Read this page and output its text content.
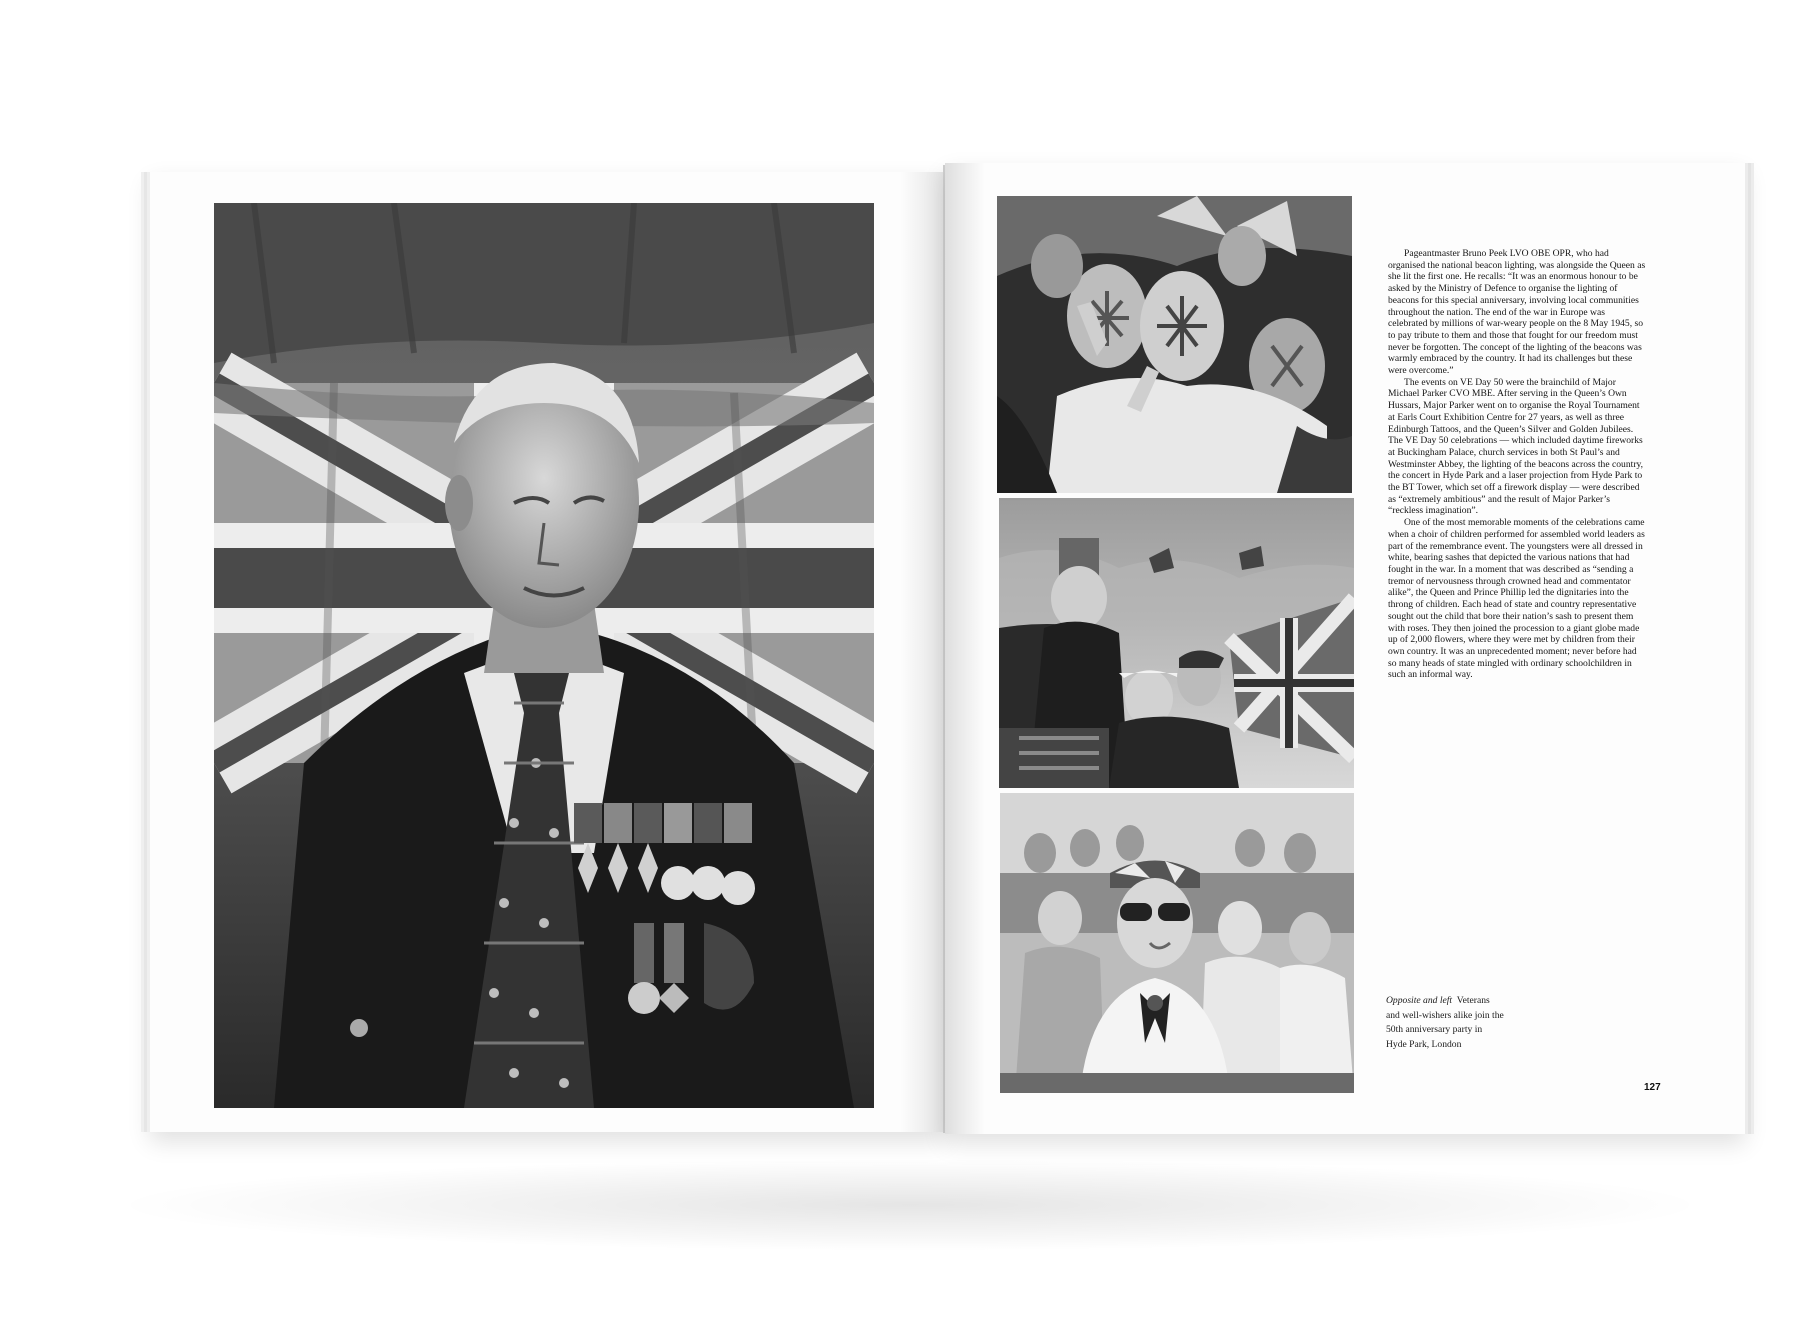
Pageantmaster Bruno Peek LVO OBE OPR, who had organised the national beacon lighting, was alongside the Queen as she lit the first one. He recalls: “It was an enormous honour to be asked by the Ministry of Defence to organise the lighting of beacons for this special anniversary, involving local communities throughout the nation. The end of the war in Europe was celebrated by millions of war-weary people on the 8 May 1945, so to pay tribute to them and those that fought for our freedom must never be forgotten. The concept of the lighting of the beacons was warmly embraced by the country. It had its challenges but these were overcome.”

The events on VE Day 50 were the brainchild of Major Michael Parker CVO MBE. After serving in the Queen’s Own Hussars, Major Parker went on to organise the Royal Tournament at Earls Court Exhibition Centre for 27 years, as well as three Edinburgh Tattoos, and the Queen’s Silver and Golden Jubilees. The VE Day 50 celebrations — which included daytime fireworks at Buckingham Palace, church services in both St Paul’s and Westminster Abbey, the lighting of the beacons across the country, the concert in Hyde Park and a laser projection from Hyde Park to the BT Tower, which set off a firework display — were described as “extremely ambitious” and the result of Major Parker’s “reckless imagination”.

One of the most memorable moments of the celebrations came when a choir of children performed for assembled world leaders as part of the remembrance event. The youngsters were all dressed in white, bearing sashes that depicted the various nations that had fought in the war. In a moment that was described as “sending a tremor of nervousness through crowned head and commentator alike”, the Queen and Prince Phillip led the dignitaries into the throng of children. Each head of state and country representative sought out the child that bore their nation’s sash to present them with roses. They then joined the procession to a giant globe made up of 2,000 flowers, where they were met by children from their own country. It was an unprecedented moment; never before had so many heads of state mingled with ordinary schoolchildren in such an informal way.

Opposite and left Veterans and well-wishers alike join the 50th anniversary party in Hyde Park, London
127
